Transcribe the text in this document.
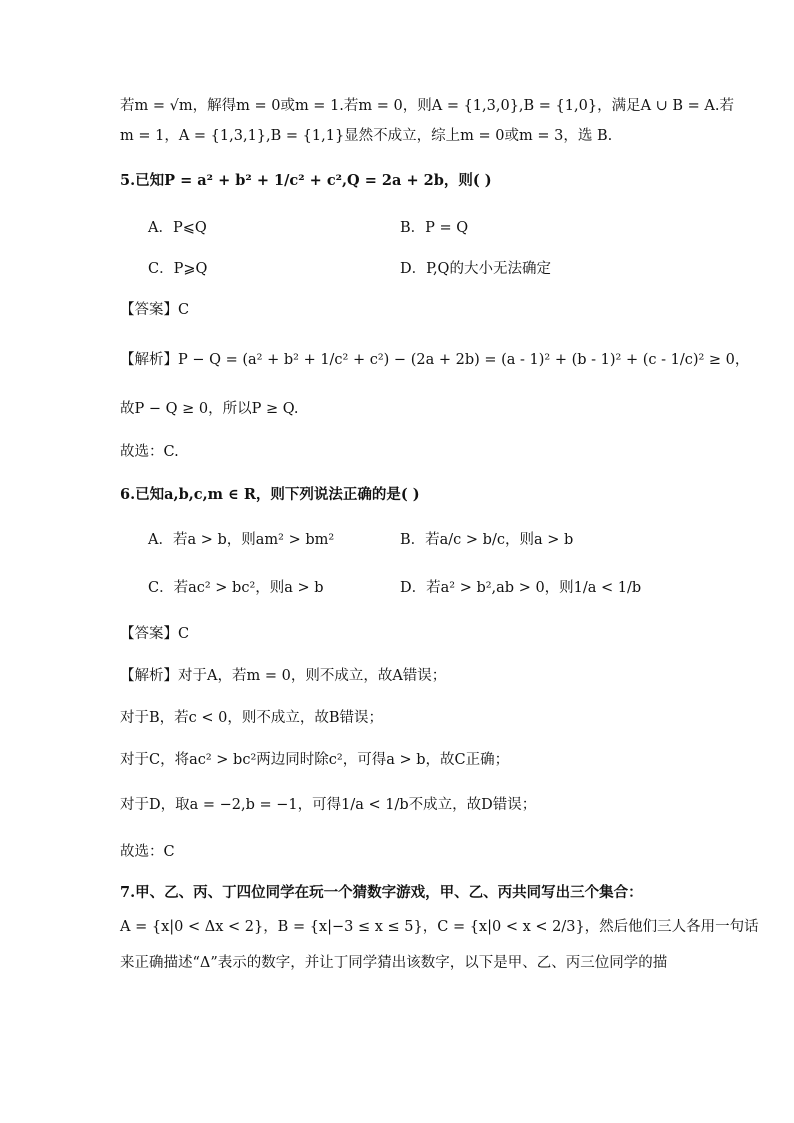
若m = √m，解得m = 0或m = 1.若m = 0，则A = {1,3,0},B = {1,0}，满足A ∪ B = A.若
m = 1，A = {1,3,1},B = {1,1}显然不成立，综上m = 0或m = 3，选 B.
5.已知P = a² + b² + 1/c² + c²,Q = 2a + 2b，则( )
A．P⩽Q	B．P = Q
C．P⩾Q	D．P,Q的大小无法确定
【答案】C
【解析】P − Q = (a² + b² + 1/c² + c²) − (2a + 2b) = (a - 1)² + (b - 1)² + (c - 1/c)² ≥ 0，
故P − Q ≥ 0，所以P ≥ Q.
故选：C.
6.已知a,b,c,m ∈ R，则下列说法正确的是( )
A．若a > b，则am² > bm²	B．若a/c > b/c，则a > b
C．若ac² > bc²，则a > b	D．若a² > b²,ab > 0，则1/a < 1/b
【答案】C
【解析】对于A，若m = 0，则不成立，故A错误；
对于B，若c < 0，则不成立，故B错误；
对于C，将ac² > bc²两边同时除c²，可得a > b，故C正确；
对于D，取a = −2,b = −1，可得1/a < 1/b不成立，故D错误；
故选：C
7.甲、乙、丙、丁四位同学在玩一个猜数字游戏，甲、乙、丙共同写出三个集合：
A = {x|0 < Δx < 2}，B = {x|−3 ≤ x ≤ 5}，C = {x|0 < x < 2/3}，然后他们三人各用一句话
来正确描述“Δ”表示的数字，并让丁同学猜出该数字，以下是甲、乙、丙三位同学的描
